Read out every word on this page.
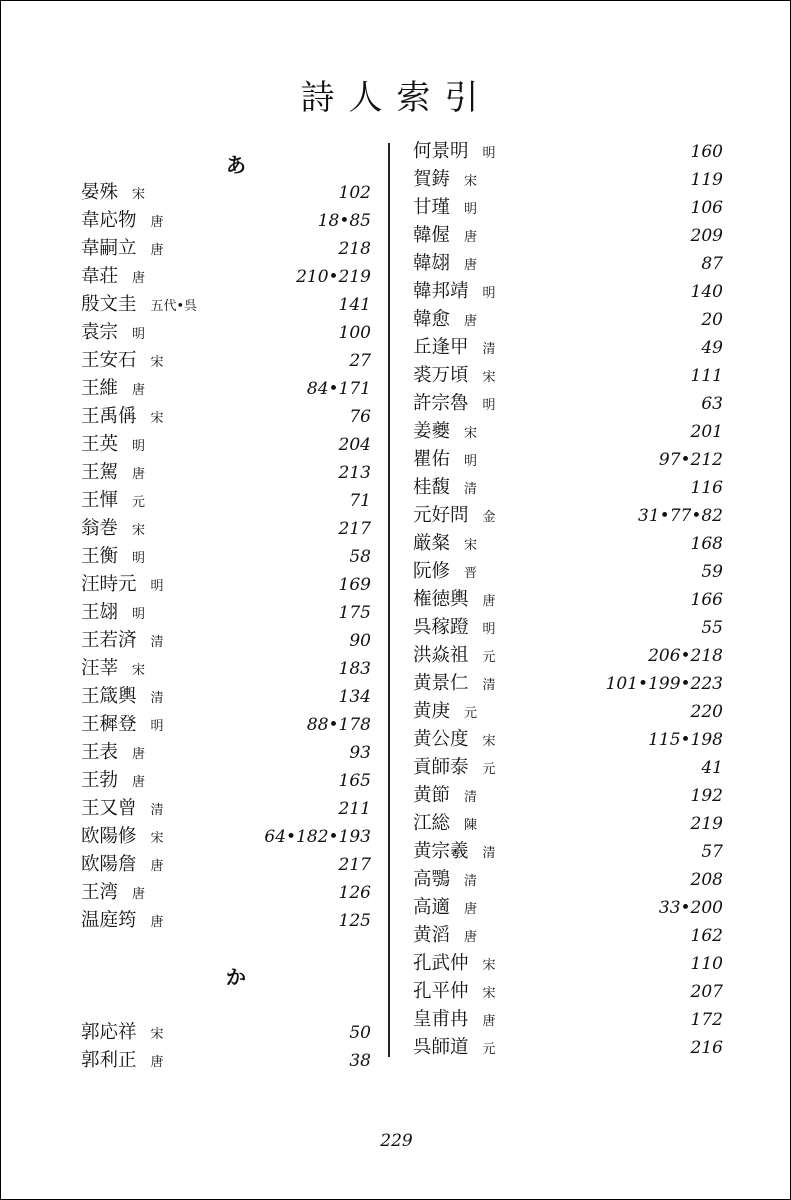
詩人索引
あ
晏殊 宋	102
韋応物 唐	18•85
韋嗣立 唐	218
韋荘 唐	210•219
殷文圭 五代•呉	141
袁宗 明	100
王安石 宋	27
王維 唐	84•171
王禹偁 宋	76
王英 明	204
王駕 唐	213
王惲 元	71
翁巻 宋	217
王衡 明	58
汪時元 明	169
王翃 明	175
王若済 清	90
汪莘 宋	183
王箴輿 清	134
王穉登 明	88•178
王表 唐	93
王勃 唐	165
王又曾 清	211
欧陽修 宋	64•182•193
欧陽詹 唐	217
王湾 唐	126
温庭筠 唐	125
か
郭応祥 宋	50
郭利正 唐	38
何景明 明	160
賀鋳 宋	119
甘瑾 明	106
韓偓 唐	209
韓翃 唐	87
韓邦靖 明	140
韓愈 唐	20
丘逢甲 清	49
裘万頃 宋	111
許宗魯 明	63
姜夔 宋	201
瞿佑 明	97•212
桂馥 清	116
元好問 金	31•77•82
厳粲 宋	168
阮修 晋	59
権徳輿 唐	166
呉稼蹬 明	55
洪焱祖 元	206•218
黄景仁 清	101•199•223
黄庚 元	220
黄公度 宋	115•198
貢師泰 元	41
黄節 清	192
江総 陳	219
黄宗羲 清	57
高鶚 清	208
高適 唐	33•200
黄滔 唐	162
孔武仲 宋	110
孔平仲 宋	207
皇甫冉 唐	172
呉師道 元	216
229
